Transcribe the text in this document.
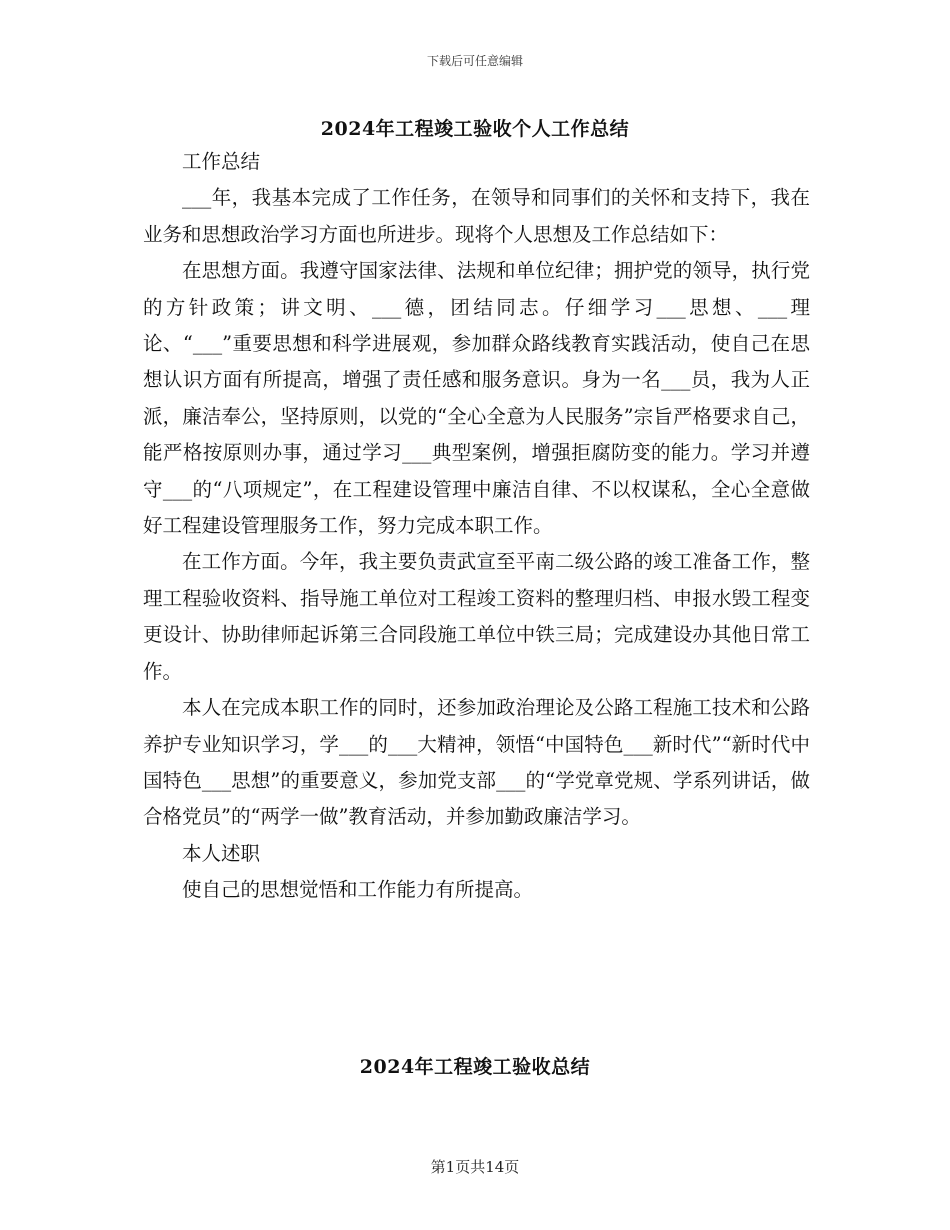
下载后可任意编辑
2024年工程竣工验收个人工作总结

工作总结

___年，我基本完成了工作任务，在领导和同事们的关怀和支持下，我在业务和思想政治学习方面也所进步。现将个人思想及工作总结如下：

在思想方面。我遵守国家法律、法规和单位纪律；拥护党的领导，执行党的方针政策；讲文明、___德，团结同志。仔细学习___思想、___理论、“___”重要思想和科学进展观，参加群众路线教育实践活动，使自己在思想认识方面有所提高，增强了责任感和服务意识。身为一名___员，我为人正派，廉洁奉公，坚持原则，以党的“全心全意为人民服务”宗旨严格要求自己，能严格按原则办事，通过学习___典型案例，增强拒腐防变的能力。学习并遵守___的“八项规定”，在工程建设管理中廉洁自律、不以权谋私，全心全意做好工程建设管理服务工作，努力完成本职工作。

在工作方面。今年，我主要负责武宣至平南二级公路的竣工准备工作，整理工程验收资料、指导施工单位对工程竣工资料的整理归档、申报水毁工程变更设计、协助律师起诉第三合同段施工单位中铁三局；完成建设办其他日常工作。

本人在完成本职工作的同时，还参加政治理论及公路工程施工技术和公路养护专业知识学习，学___的___大精神，领悟“中国特色___新时代”“新时代中国特色___思想”的重要意义，参加党支部___的“学党章党规、学系列讲话，做合格党员”的“两学一做”教育活动，并参加勤政廉洁学习。

本人述职

使自己的思想觉悟和工作能力有所提高。

2024年工程竣工验收总结
第1页共14页
